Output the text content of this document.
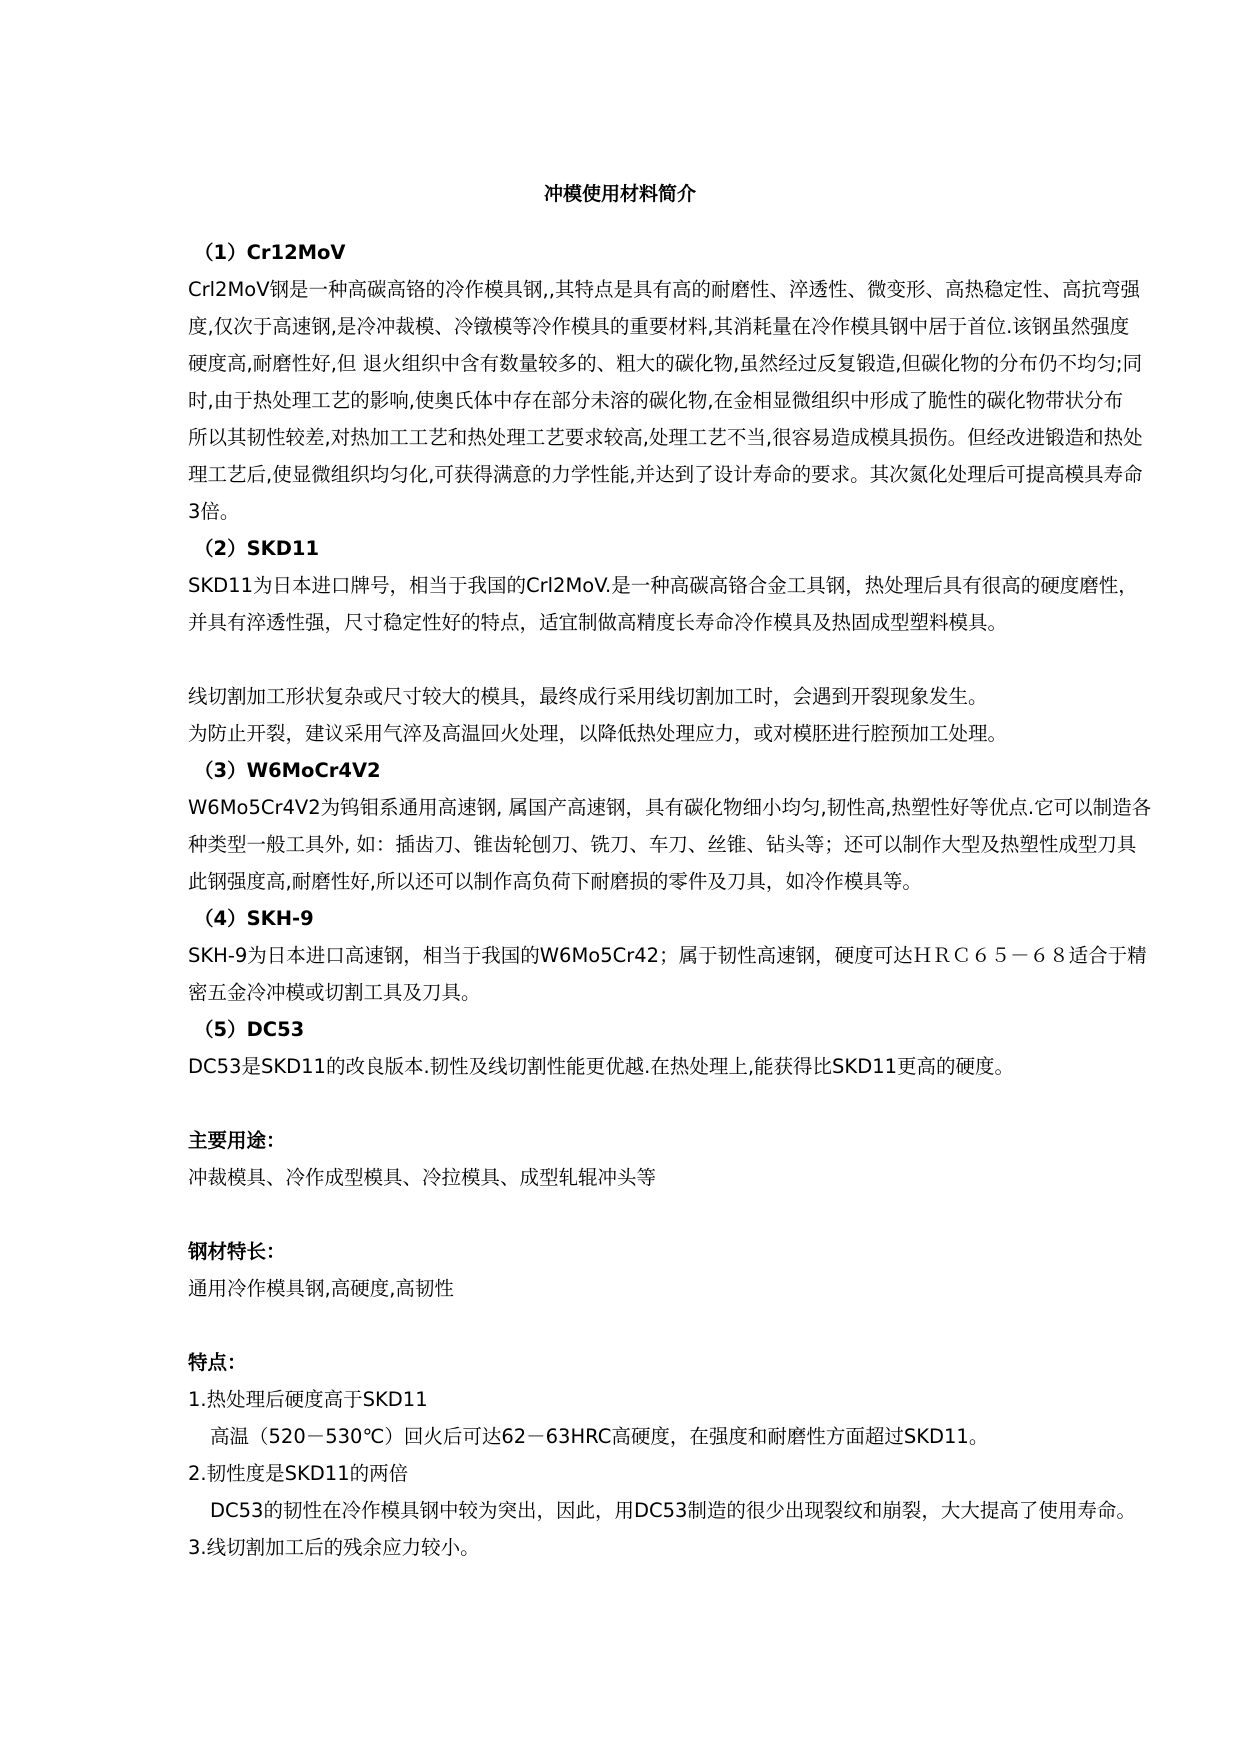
冲模使用材料简介
（1）Cr12MoV
Crl2MoV钢是一种高碳高铬的冷作模具钢,,其特点是具有高的耐磨性、淬透性、微变形、高热稳定性、高抗弯强
度,仅次于高速钢,是冷冲裁模、冷镦模等冷作模具的重要材料,其消耗量在冷作模具钢中居于首位.该钢虽然强度
硬度高,耐磨性好,但 退火组织中含有数量较多的、粗大的碳化物,虽然经过反复锻造,但碳化物的分布仍不均匀;同
时,由于热处理工艺的影响,使奥氏体中存在部分未溶的碳化物,在金相显微组织中形成了脆性的碳化物带状分布
所以其韧性较差,对热加工工艺和热处理工艺要求较高,处理工艺不当,很容易造成模具损伤。但经改进锻造和热处
理工艺后,使显微组织均匀化,可获得满意的力学性能,并达到了设计寿命的要求。其次氮化处理后可提高模具寿命
3倍。
（2）SKD11
SKD11为日本进口牌号，相当于我国的Crl2MoV.是一种高碳高铬合金工具钢，热处理后具有很高的硬度磨性，
并具有淬透性强，尺寸稳定性好的特点，适宜制做高精度长寿命冷作模具及热固成型塑料模具。
线切割加工形状复杂或尺寸较大的模具，最终成行采用线切割加工时，会遇到开裂现象发生。
为防止开裂，建议采用气淬及高温回火处理，以降低热处理应力，或对模胚进行腔预加工处理。
（3）W6MoCr4V2
W6Mo5Cr4V2为钨钼系通用高速钢, 属国产高速钢，具有碳化物细小均匀,韧性高,热塑性好等优点.它可以制造各
种类型一般工具外, 如：插齿刀、锥齿轮刨刀、铣刀、车刀、丝锥、钻头等；还可以制作大型及热塑性成型刀具
此钢强度高,耐磨性好,所以还可以制作高负荷下耐磨损的零件及刀具，如冷作模具等。
（4）SKH-9
SKH-9为日本进口高速钢，相当于我国的W6Mo5Cr42；属于韧性高速钢，硬度可达ＨＲＣ６５－６８适合于精
密五金冷冲模或切割工具及刀具。
（5）DC53
DC53是SKD11的改良版本.韧性及线切割性能更优越.在热处理上,能获得比SKD11更高的硬度。
主要用途：
冲裁模具、冷作成型模具、冷拉模具、成型轧辊冲头等
钢材特长：
通用冷作模具钢,高硬度,高韧性
特点：
1.热处理后硬度高于SKD11
高温（520－530℃）回火后可达62－63HRC高硬度，在强度和耐磨性方面超过SKD11。
2.韧性度是SKD11的两倍
DC53的韧性在冷作模具钢中较为突出，因此，用DC53制造的很少出现裂纹和崩裂，大大提高了使用寿命。
3.线切割加工后的残余应力较小。
